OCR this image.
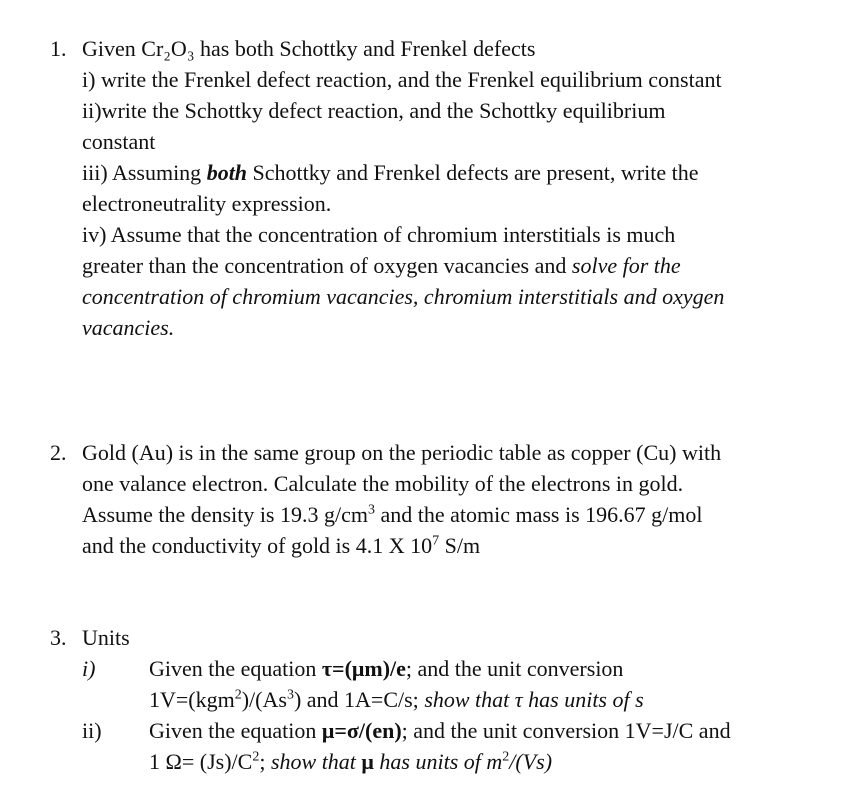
1. Given Cr₂O₃ has both Schottky and Frenkel defects
i) write the Frenkel defect reaction, and the Frenkel equilibrium constant
ii)write the Schottky defect reaction, and the Schottky equilibrium
constant
iii) Assuming both Schottky and Frenkel defects are present, write the
electroneutrality expression.
iv) Assume that the concentration of chromium interstitials is much
greater than the concentration of oxygen vacancies and solve for the
concentration of chromium vacancies, chromium interstitials and oxygen
vacancies.
2. Gold (Au) is in the same group on the periodic table as copper (Cu) with
one valance electron. Calculate the mobility of the electrons in gold.
Assume the density is 19.3 $g/cm^3$ and the atomic mass is 196.67 g/mol
and the conductivity of gold is 4.1 X $10^7$ S/m
3. Units
i)	Given the equation τ=(μm)/e; and the unit conversion
$1V=(kgm^2)/(As^3)$ and 1A=C/s; show that τ has units of s
ii)	Given the equation μ=σ/(en); and the unit conversion 1V=J/C and
1 $\Omega= (Js)/C^2$; show that μ has units of $m^2/(Vs)$
